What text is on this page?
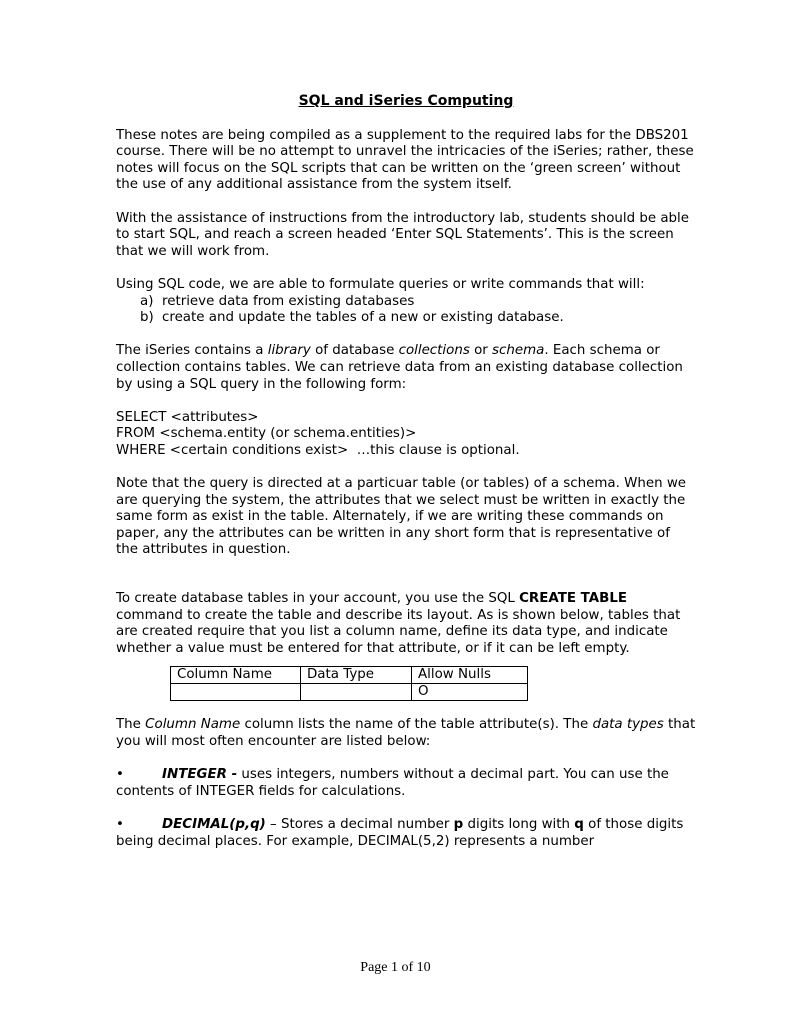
SQL and iSeries Computing

These notes are being compiled as a supplement to the required labs for the DBS201 course. There will be no attempt to unravel the intricacies of the iSeries; rather, these notes will focus on the SQL scripts that can be written on the ‘green screen’ without the use of any additional assistance from the system itself.

With the assistance of instructions from the introductory lab, students should be able to start SQL, and reach a screen headed ‘Enter SQL Statements’. This is the screen that we will work from.

Using SQL code, we are able to formulate queries or write commands that will:
a) retrieve data from existing databases
b) create and update the tables of a new or existing database.

The iSeries contains a library of database collections or schema. Each schema or collection contains tables. We can retrieve data from an existing database collection by using a SQL query in the following form:

SELECT <attributes>
FROM <schema.entity (or schema.entities)>
WHERE <certain conditions exist>  …this clause is optional.

Note that the query is directed at a particuar table (or tables) of a schema. When we are querying the system, the attributes that we select must be written in exactly the same form as exist in the table. Alternately, if we are writing these commands on paper, any the attributes can be written in any short form that is representative of the attributes in question.

To create database tables in your account, you use the SQL CREATE TABLE command to create the table and describe its layout. As is shown below, tables that are created require that you list a column name, define its data type, and indicate whether a value must be entered for that attribute, or if it can be left empty.

Column Name	Data Type	Allow Nulls
		O

The Column Name column lists the name of the table attribute(s). The data types that you will most often encounter are listed below:

•	INTEGER - uses integers, numbers without a decimal part. You can use the contents of INTEGER fields for calculations.

•	DECIMAL(p,q) – Stores a decimal number p digits long with q of those digits being decimal places. For example, DECIMAL(5,2) represents a number

Page 1 of 10
